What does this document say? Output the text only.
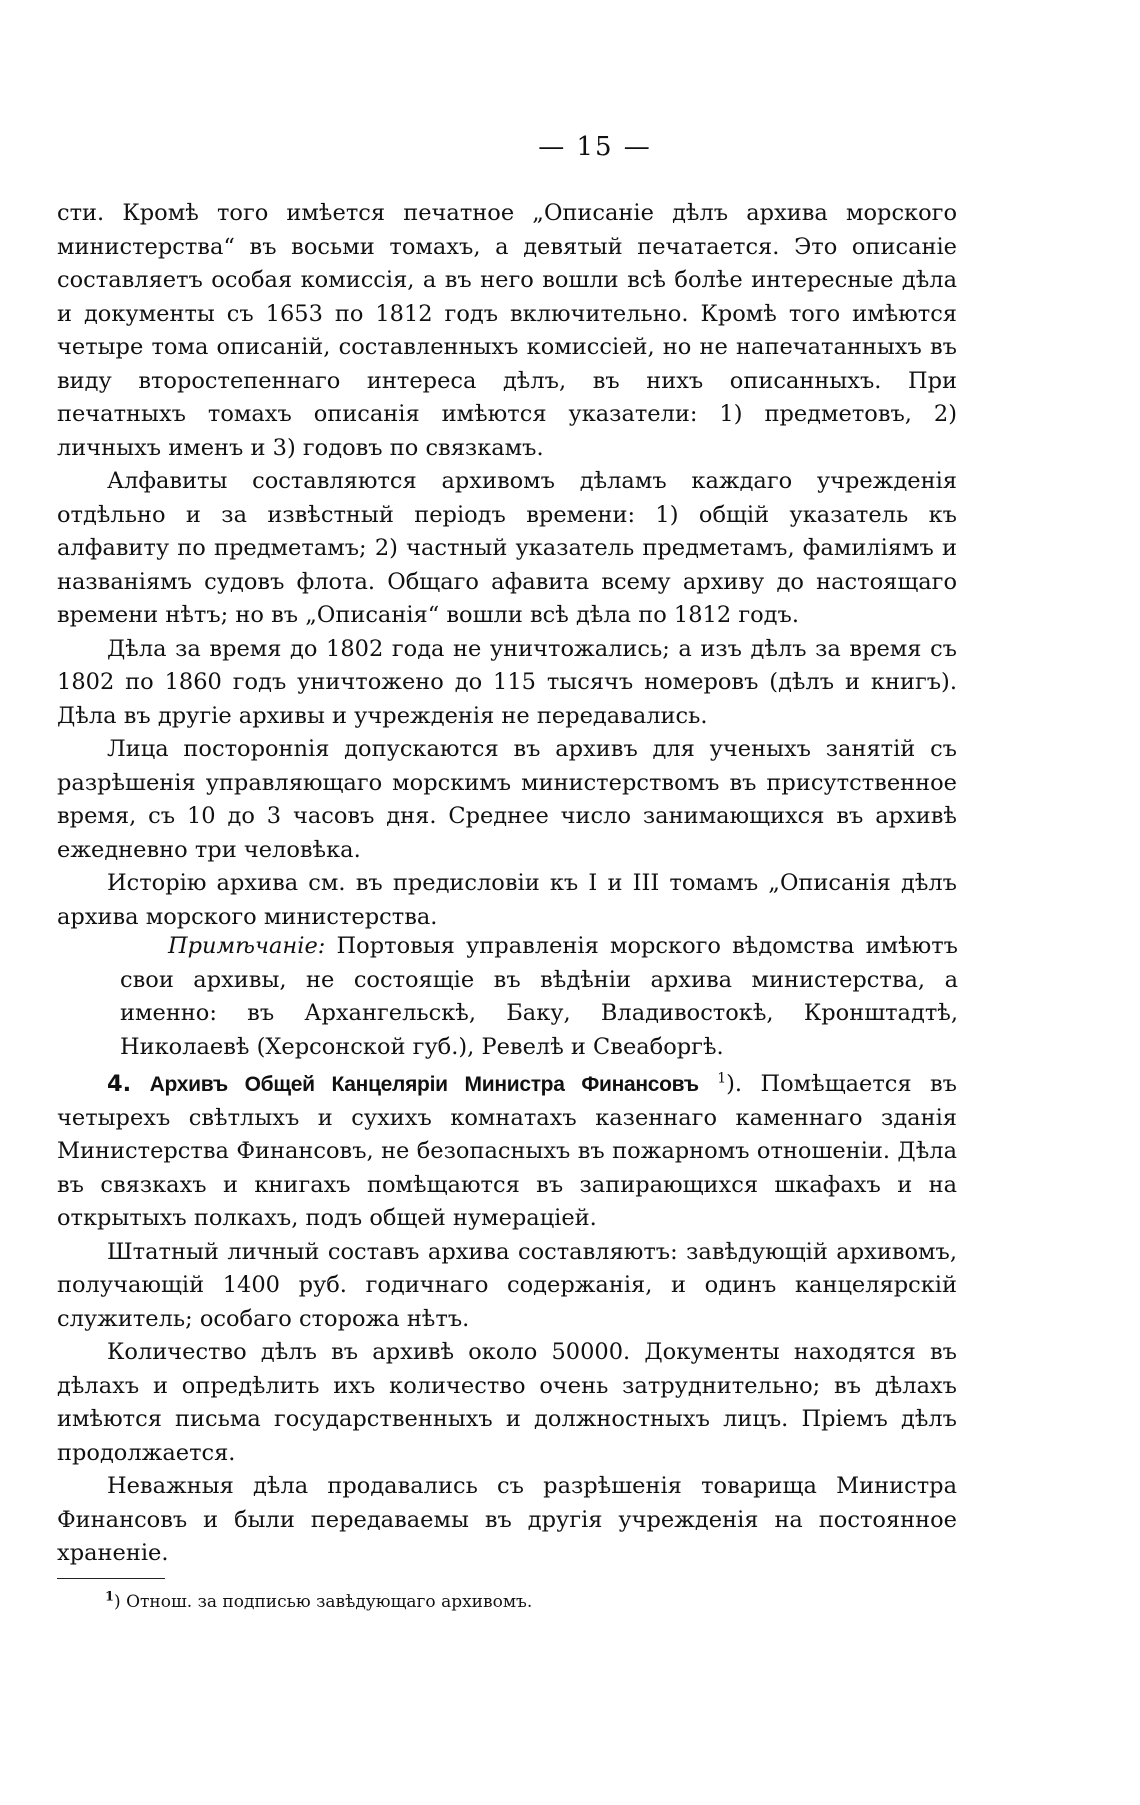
— 15 —

сти. Кромѣ того имѣется печатное „Описаніе дѣлъ архива морского министерства“ въ восьми томахъ, а девятый печатается. Это описаніе составляетъ особая комиссія, а въ него вошли всѣ болѣе интересные дѣла и документы съ 1653 по 1812 годъ включительно. Кромѣ того имѣются четыре тома описаній, составленныхъ комиссіей, но не напечатанныхъ въ виду второстепеннаго интереса дѣлъ, въ нихъ описанныхъ. При печатныхъ томахъ описанія имѣются указатели: 1) предметовъ, 2) личныхъ именъ и 3) годовъ по связкамъ.

Алфавиты составляются архивомъ дѣламъ каждаго учрежденія отдѣльно и за извѣстный періодъ времени: 1) общій указатель къ алфавиту по предметамъ; 2) частный указатель предметамъ, фамиліямъ и названіямъ судовъ флота. Общаго афавита всему архиву до настоящаго времени нѣтъ; но въ „Описанія“ вошли всѣ дѣла по 1812 годъ.

Дѣла за время до 1802 года не уничтожались; а изъ дѣлъ за время съ 1802 по 1860 годъ уничтожено до 115 тысячъ номеровъ (дѣлъ и книгъ). Дѣла въ другіе архивы и учрежденія не передавались.

Лица посторонnія допускаются въ архивъ для ученыхъ занятій съ разрѣшенія управляющаго морскимъ министерствомъ въ присутственное время, съ 10 до 3 часовъ дня. Среднее число занимающихся въ архивѣ ежедневно три человѣка.

Исторію архива см. въ предисловіи къ I и III томамъ „Описанія дѣлъ архива морского министерства.

Примѣчаніе: Портовыя управленія морского вѣдомства имѣютъ свои архивы, не состоящіе въ вѣдѣніи архива министерства, а именно: въ Архангельскѣ, Баку, Владивостокѣ, Кронштадтѣ, Николаевѣ (Херсонской губ.), Ревелѣ и Свеаборгѣ.

4. Архивъ Общей Канцеляріи Министра Финансовъ $^1$). Помѣщается въ четырехъ свѣтлыхъ и сухихъ комнатахъ казеннаго каменнаго зданія Министерства Финансовъ, не безопасныхъ въ пожарномъ отношеніи. Дѣла въ связкахъ и книгахъ помѣщаются въ запирающихся шкафахъ и на открытыхъ полкахъ, подъ общей нумераціей.

Штатный личный составъ архива составляютъ: завѣдующій архивомъ, получающій 1400 руб. годичнаго содержанія, и одинъ канцелярскій служитель; особаго сторожа нѣтъ.

Количество дѣлъ въ архивѣ около 50000. Документы находятся въ дѣлахъ и опредѣлить ихъ количество очень затруднительно; въ дѣлахъ имѣются письма государственныхъ и должностныхъ лицъ. Пріемъ дѣлъ продолжается.

Неважныя дѣла продавались съ разрѣшенія товарища Министра Финансовъ и были передаваемы въ другія учрежденія на постоянное храненіе.

$^1$) Отнош. за подписью завѣдующаго архивомъ.
